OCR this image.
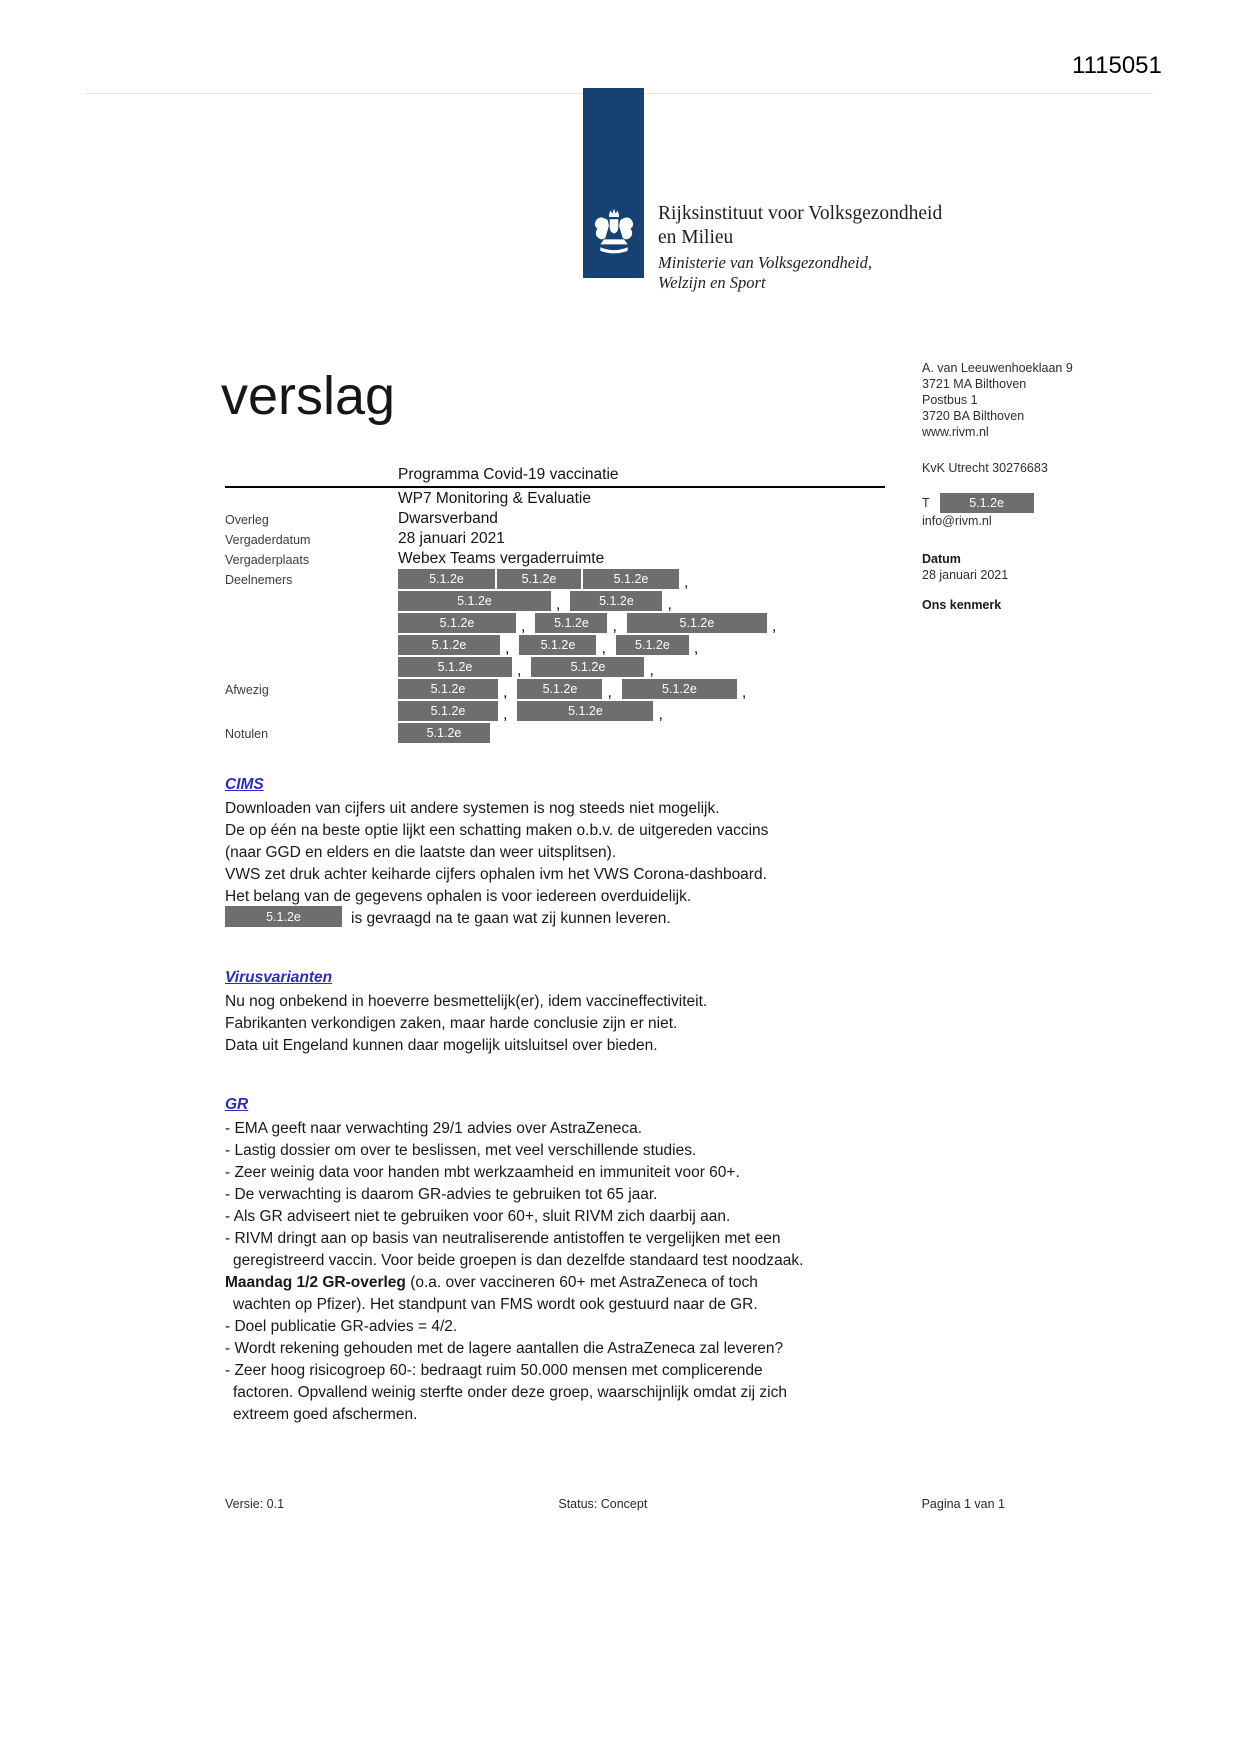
1115051
Rijksinstituut voor Volksgezondheid
en Milieu
Ministerie van Volksgezondheid,
Welzijn en Sport
verslag	A. van Leeuwenhoeklaan 9
3721 MA Bilthoven
Postbus 1
3720 BA Bilthoven
www.rivm.nl
KvK Utrecht 30276683
T	5.1.2e
info@rivm.nl
Datum
28 januari 2021
Ons kenmerk
Programma Covid-19 vaccinatie
WP7 Monitoring & Evaluatie
Overleg	Dwarsverband
Vergaderdatum	28 januari 2021
Vergaderplaats	Webex Teams vergaderruimte
Deelnemers	5.1.2e	5.1.2e	5.1.2e	,
5.1.2e	,	5.1.2e	,
5.1.2e	,	5.1.2e	,	5.1.2e	,
5.1.2e	,	5.1.2e	,	5.1.2e	,
5.1.2e	,	5.1.2e	,
Afwezig	5.1.2e	,	5.1.2e	,	5.1.2e	,
5.1.2e	,	5.1.2e	,
Notulen	5.1.2e
CIMS
Downloaden van cijfers uit andere systemen is nog steeds niet mogelijk.
De op één na beste optie lijkt een schatting maken o.b.v. de uitgereden vaccins
(naar GGD en elders en die laatste dan weer uitsplitsen).
VWS zet druk achter keiharde cijfers ophalen ivm het VWS Corona-dashboard.
Het belang van de gegevens ophalen is voor iedereen overduidelijk.
5.1.2e	is gevraagd na te gaan wat zij kunnen leveren.
Virusvarianten
Nu nog onbekend in hoeverre besmettelijk(er), idem vaccineffectiviteit.
Fabrikanten verkondigen zaken, maar harde conclusie zijn er niet.
Data uit Engeland kunnen daar mogelijk uitsluitsel over bieden.
GR
- EMA geeft naar verwachting 29/1 advies over AstraZeneca.
- Lastig dossier om over te beslissen, met veel verschillende studies.
- Zeer weinig data voor handen mbt werkzaamheid en immuniteit voor 60+.
- De verwachting is daarom GR-advies te gebruiken tot 65 jaar.
- Als GR adviseert niet te gebruiken voor 60+, sluit RIVM zich daarbij aan.
- RIVM dringt aan op basis van neutraliserende antistoffen te vergelijken met een
geregistreerd vaccin. Voor beide groepen is dan dezelfde standaard test noodzaak.
Maandag 1/2 GR-overleg (o.a. over vaccineren 60+ met AstraZeneca of toch
wachten op Pfizer). Het standpunt van FMS wordt ook gestuurd naar de GR.
- Doel publicatie GR-advies = 4/2.
- Wordt rekening gehouden met de lagere aantallen die AstraZeneca zal leveren?
- Zeer hoog risicogroep 60-: bedraagt ruim 50.000 mensen met complicerende
factoren. Opvallend weinig sterfte onder deze groep, waarschijnlijk omdat zij zich
extreem goed afschermen.
Versie: 0.1	Status: Concept	Pagina 1 van 1
